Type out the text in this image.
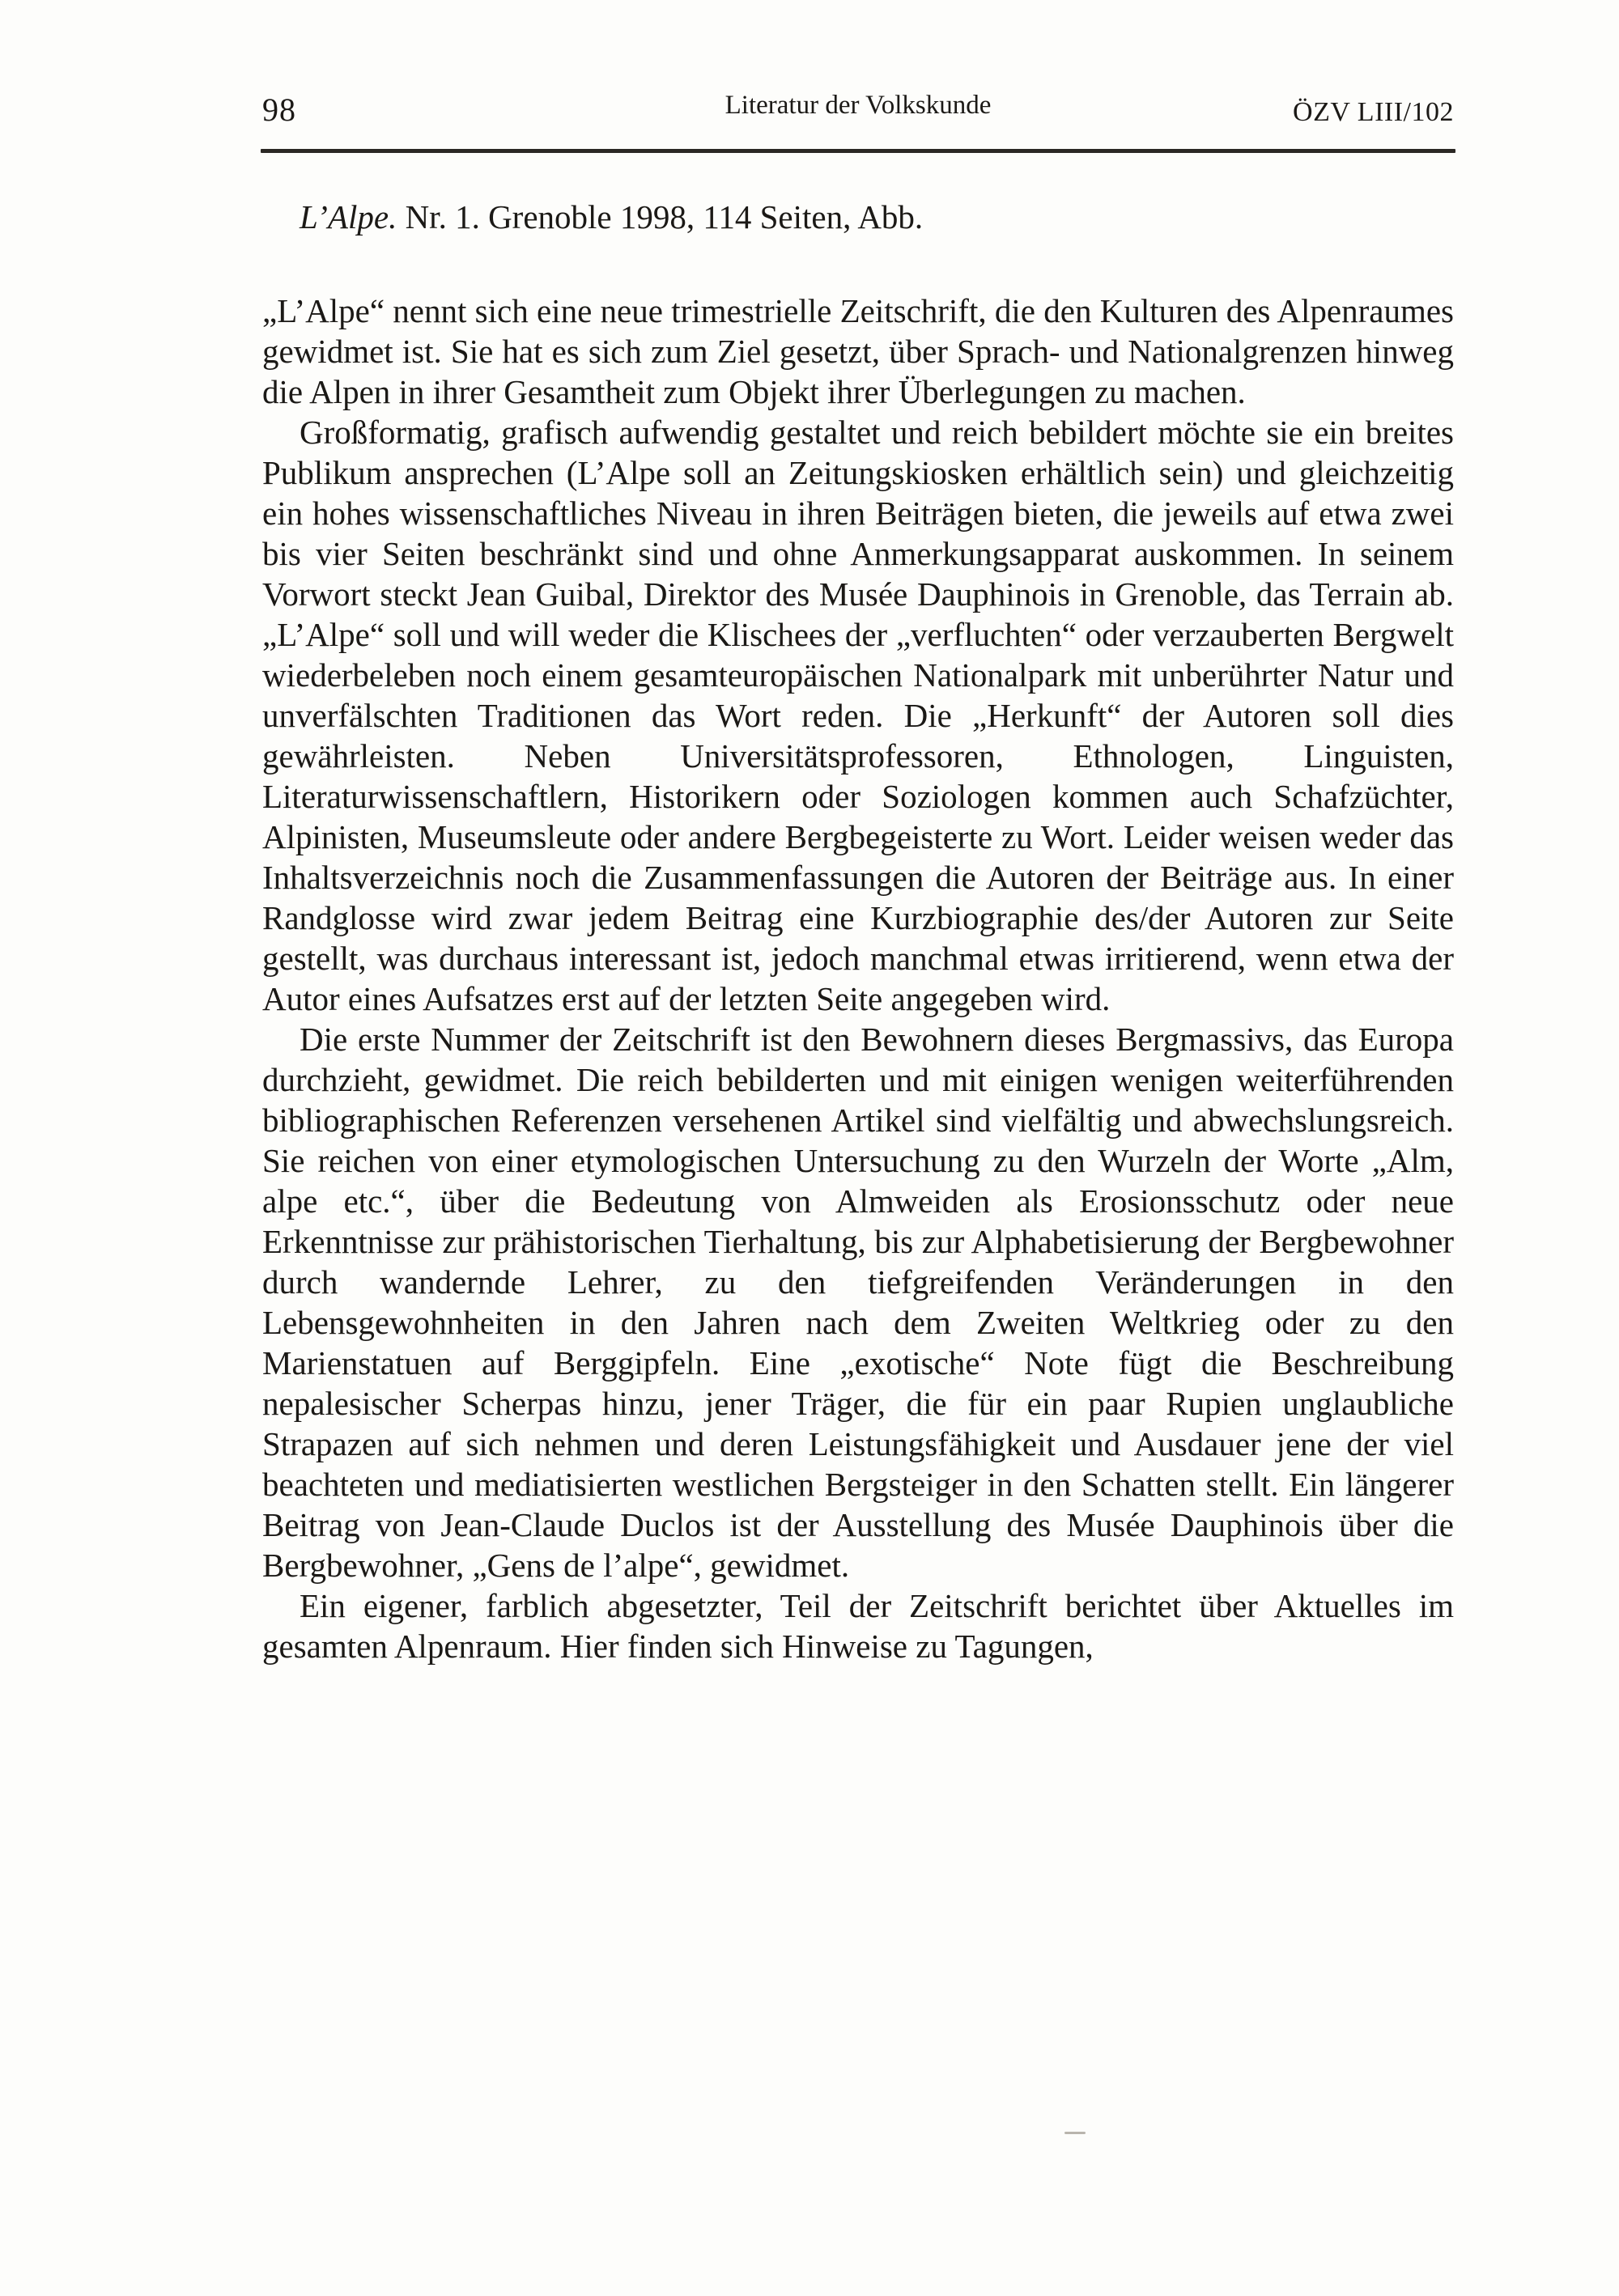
98	Literatur der Volkskunde	ÖZV LIII/102

L’Alpe. Nr. 1. Grenoble 1998, 114 Seiten, Abb.

„L’Alpe“ nennt sich eine neue trimestrielle Zeitschrift, die den Kulturen des Alpenraumes gewidmet ist. Sie hat es sich zum Ziel gesetzt, über Sprach- und Nationalgrenzen hinweg die Alpen in ihrer Gesamtheit zum Objekt ihrer Überlegungen zu machen.

Großformatig, grafisch aufwendig gestaltet und reich bebildert möchte sie ein breites Publikum ansprechen (L’Alpe soll an Zeitungskiosken erhältlich sein) und gleichzeitig ein hohes wissenschaftliches Niveau in ihren Beiträgen bieten, die jeweils auf etwa zwei bis vier Seiten beschränkt sind und ohne Anmerkungsapparat auskommen. In seinem Vorwort steckt Jean Guibal, Direktor des Musée Dauphinois in Grenoble, das Terrain ab. „L’Alpe“ soll und will weder die Klischees der „verfluchten“ oder verzauberten Bergwelt wiederbeleben noch einem gesamteuropäischen Nationalpark mit unberührter Natur und unverfälschten Traditionen das Wort reden. Die „Herkunft“ der Autoren soll dies gewährleisten. Neben Universitätsprofessoren, Ethnologen, Linguisten, Literaturwissenschaftlern, Historikern oder Soziologen kommen auch Schafzüchter, Alpinisten, Museumsleute oder andere Bergbegeisterte zu Wort. Leider weisen weder das Inhaltsverzeichnis noch die Zusammenfassungen die Autoren der Beiträge aus. In einer Randglosse wird zwar jedem Beitrag eine Kurzbiographie des/der Autoren zur Seite gestellt, was durchaus interessant ist, jedoch manchmal etwas irritierend, wenn etwa der Autor eines Aufsatzes erst auf der letzten Seite angegeben wird.

Die erste Nummer der Zeitschrift ist den Bewohnern dieses Bergmassivs, das Europa durchzieht, gewidmet. Die reich bebilderten und mit einigen wenigen weiterführenden bibliographischen Referenzen versehenen Artikel sind vielfältig und abwechslungsreich. Sie reichen von einer etymologischen Untersuchung zu den Wurzeln der Worte „Alm, alpe etc.“, über die Bedeutung von Almweiden als Erosionsschutz oder neue Erkenntnisse zur prähistorischen Tierhaltung, bis zur Alphabetisierung der Bergbewohner durch wandernde Lehrer, zu den tiefgreifenden Veränderungen in den Lebensgewohnheiten in den Jahren nach dem Zweiten Weltkrieg oder zu den Marienstatuen auf Berggipfeln. Eine „exotische“ Note fügt die Beschreibung nepalesischer Scherpas hinzu, jener Träger, die für ein paar Rupien unglaubliche Strapazen auf sich nehmen und deren Leistungsfähigkeit und Ausdauer jene der viel beachteten und mediatisierten westlichen Bergsteiger in den Schatten stellt. Ein längerer Beitrag von Jean-Claude Duclos ist der Ausstellung des Musée Dauphinois über die Bergbewohner, „Gens de l’alpe“, gewidmet.

Ein eigener, farblich abgesetzter, Teil der Zeitschrift berichtet über Aktuelles im gesamten Alpenraum. Hier finden sich Hinweise zu Tagungen,
